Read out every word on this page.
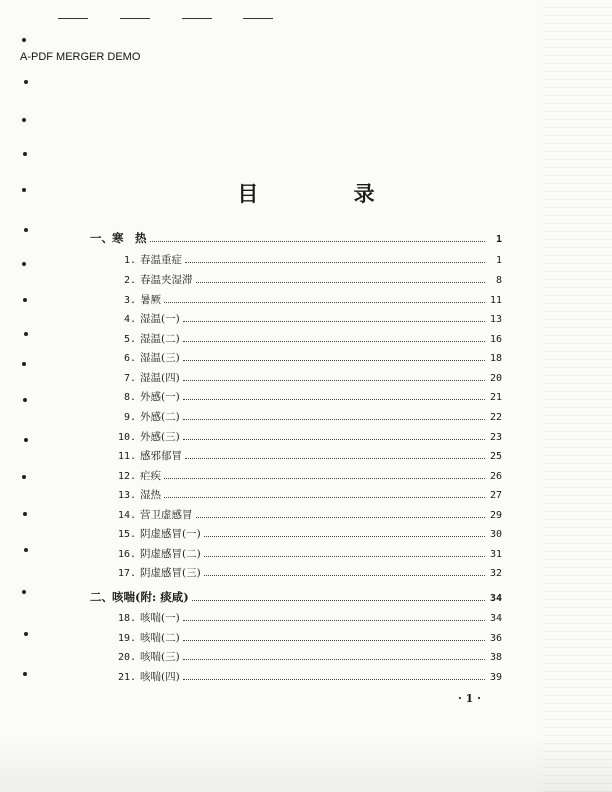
A-PDF MERGER DEMO
目 录
一、 寒　热	1
1. 春温重症	1
2. 春温夹湿滞	8
3. 暑厥	11
4. 湿温(一)	13
5. 湿温(二)	16
6. 湿温(三)	18
7. 湿温(四)	20
8. 外感(一)	21
9. 外感(二)	22
10. 外感(三)	23
11. 感邪郁冒	25
12. 疟疾	26
13. 湿热	27
14. 营卫虚感冒	29
15. 阴虚感冒(一)	30
16. 阴虚感冒(二)	31
17. 阴虚感冒(三)	32
二、 咳喘(附: 痰咸)	34
18. 咳喘(一)	34
19. 咳喘(二)	36
20. 咳喘(三)	38
21. 咳喘(四)	39
· 1 ·
